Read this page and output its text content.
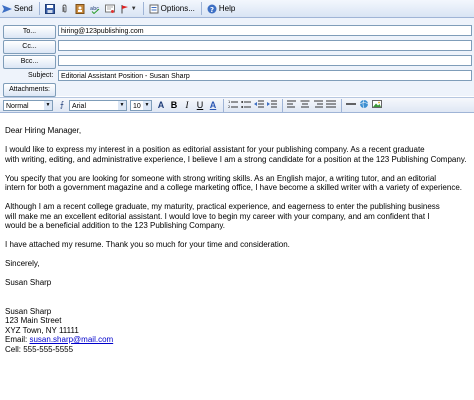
Send	abc	▼	Options... ? Help
To...	hiring@123publishing.com
Cc...
Bcc...
Subject:	Editorial Assistant Position - Susan Sharp
Attachments:
Normal	▼	⨍	Arial	▼	10 ▼ A B I U A	1
2

Dear Hiring Manager,

I would like to express my interest in a position as editorial assistant for your publishing company. As a recent graduate

with writing, editing, and administrative experience, I believe I am a strong candidate for a position at the 123 Publishing Company.

You specify that you are looking for someone with strong writing skills. As an English major, a writing tutor, and an editorial

intern for both a government magazine and a college marketing office, I have become a skilled writer with a variety of experience.

Although I am a recent college graduate, my maturity, practical experience, and eagerness to enter the publishing business

will make me an excellent editorial assistant. I would love to begin my career with your company, and am confident that I

would be a beneficial addition to the 123 Publishing Company.

I have attached my resume. Thank you so much for your time and consideration.

Sincerely,

Susan Sharp

Susan Sharp

123 Main Street

XYZ Town, NY 11111

Email: susan.sharp@mail.com

Cell: 555-555-5555
